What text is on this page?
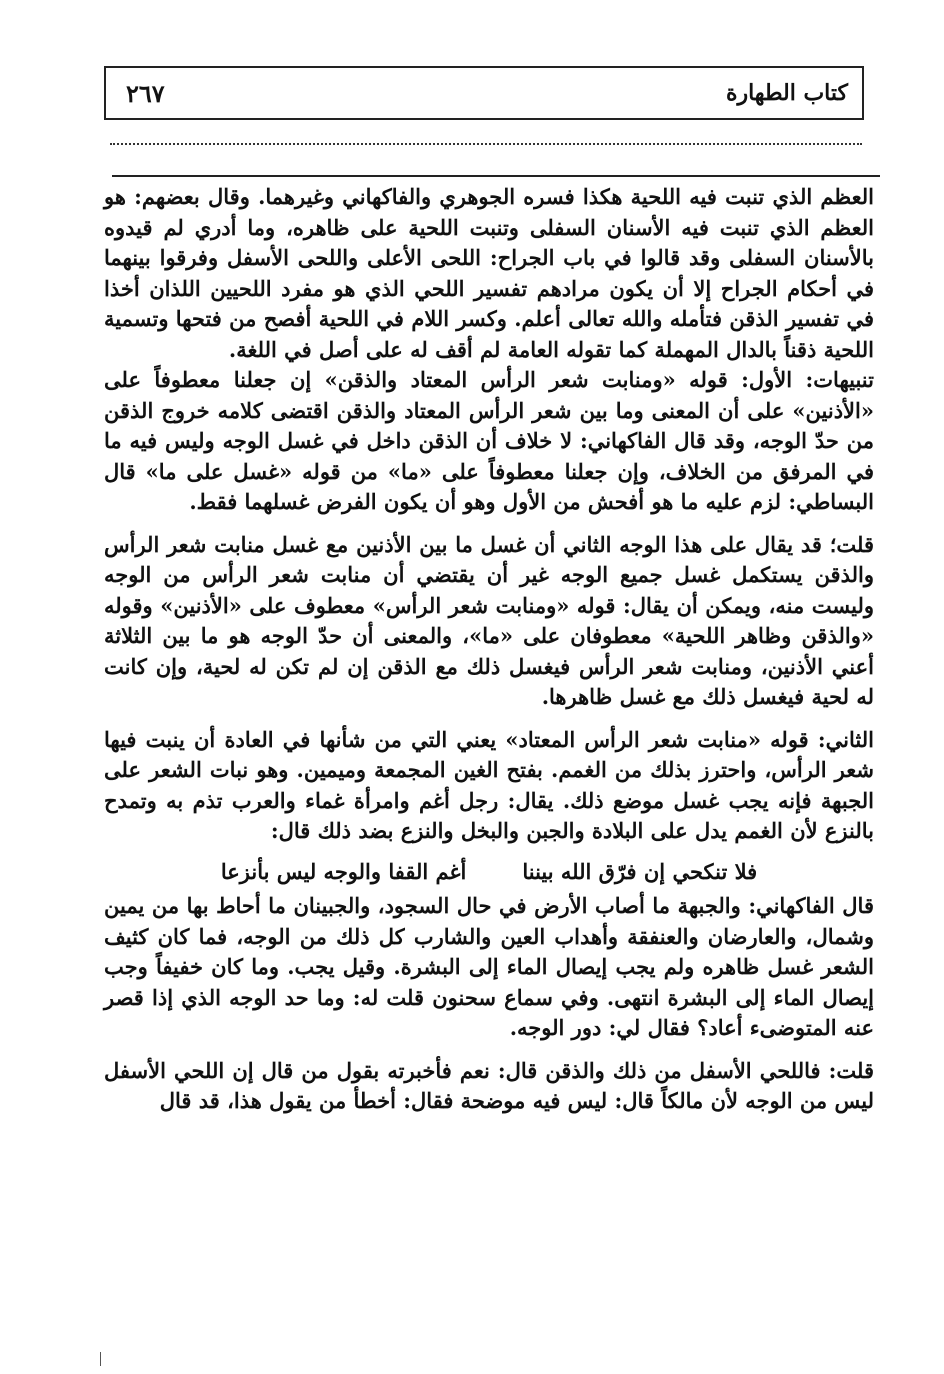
كتاب الطهارة
٢٦٧

العظم الذي تنبت فيه اللحية هكذا فسره الجوهري والفاكهاني وغيرهما. وقال بعضهم: هو العظم الذي تنبت فيه الأسنان السفلى وتنبت اللحية على ظاهره، وما أدري لم قيدوه بالأسنان السفلى وقد قالوا في باب الجراح: اللحى الأعلى واللحى الأسفل وفرقوا بينهما في أحكام الجراح إلا أن يكون مرادهم تفسير اللحي الذي هو مفرد اللحيين اللذان أخذا في تفسير الذقن فتأمله والله تعالى أعلم. وكسر اللام في اللحية أفصح من فتحها وتسمية اللحية ذقناً بالدال المهملة كما تقوله العامة لم أقف له على أصل في اللغة.

تنبيهات: الأول: قوله «ومنابت شعر الرأس المعتاد والذقن» إن جعلنا معطوفاً على «الأذنين» على أن المعنى وما بين شعر الرأس المعتاد والذقن اقتضى كلامه خروج الذقن من حدّ الوجه، وقد قال الفاكهاني: لا خلاف أن الذقن داخل في غسل الوجه وليس فيه ما في المرفق من الخلاف، وإن جعلنا معطوفاً على «ما» من قوله «غسل على ما» قال البساطي: لزم عليه ما هو أفحش من الأول وهو أن يكون الفرض غسلهما فقط.

قلت؛ قد يقال على هذا الوجه الثاني أن غسل ما بين الأذنين مع غسل منابت شعر الرأس والذقن يستكمل غسل جميع الوجه غير أن يقتضي أن منابت شعر الرأس من الوجه وليست منه، ويمكن أن يقال: قوله «ومنابت شعر الرأس» معطوف على «الأذنين» وقوله «والذقن وظاهر اللحية» معطوفان على «ما»، والمعنى أن حدّ الوجه هو ما بين الثلاثة أعني الأذنين، ومنابت شعر الرأس فيغسل ذلك مع الذقن إن لم تكن له لحية، وإن كانت له لحية فيغسل ذلك مع غسل ظاهرها.

الثاني: قوله «منابت شعر الرأس المعتاد» يعني التي من شأنها في العادة أن ينبت فيها شعر الرأس، واحترز بذلك من الغمم. بفتح الغين المجمعة وميمين. وهو نبات الشعر على الجبهة فإنه يجب غسل موضع ذلك. يقال: رجل أغم وامرأة غماء والعرب تذم به وتمدح بالنزع لأن الغمم يدل على البلادة والجبن والبخل والنزع بضد ذلك قال:

فلا تنكحي إن فرّق الله بيننا
أغم القفا والوجه ليس بأنزعا

قال الفاكهاني: والجبهة ما أصاب الأرض في حال السجود، والجبينان ما أحاط بها من يمين وشمال، والعارضان والعنفقة وأهداب العين والشارب كل ذلك من الوجه، فما كان كثيف الشعر غسل ظاهره ولم يجب إيصال الماء إلى البشرة. وقيل يجب. وما كان خفيفاً وجب إيصال الماء إلى البشرة انتهى. وفي سماع سحنون قلت له: وما حد الوجه الذي إذا قصر عنه المتوضىء أعاد؟ فقال لي: دور الوجه.

قلت: فاللحي الأسفل من ذلك والذقن قال: نعم فأخبرته بقول من قال إن اللحي الأسفل ليس من الوجه لأن مالكاً قال: ليس فيه موضحة فقال: أخطأ من يقول هذا، قد قال
